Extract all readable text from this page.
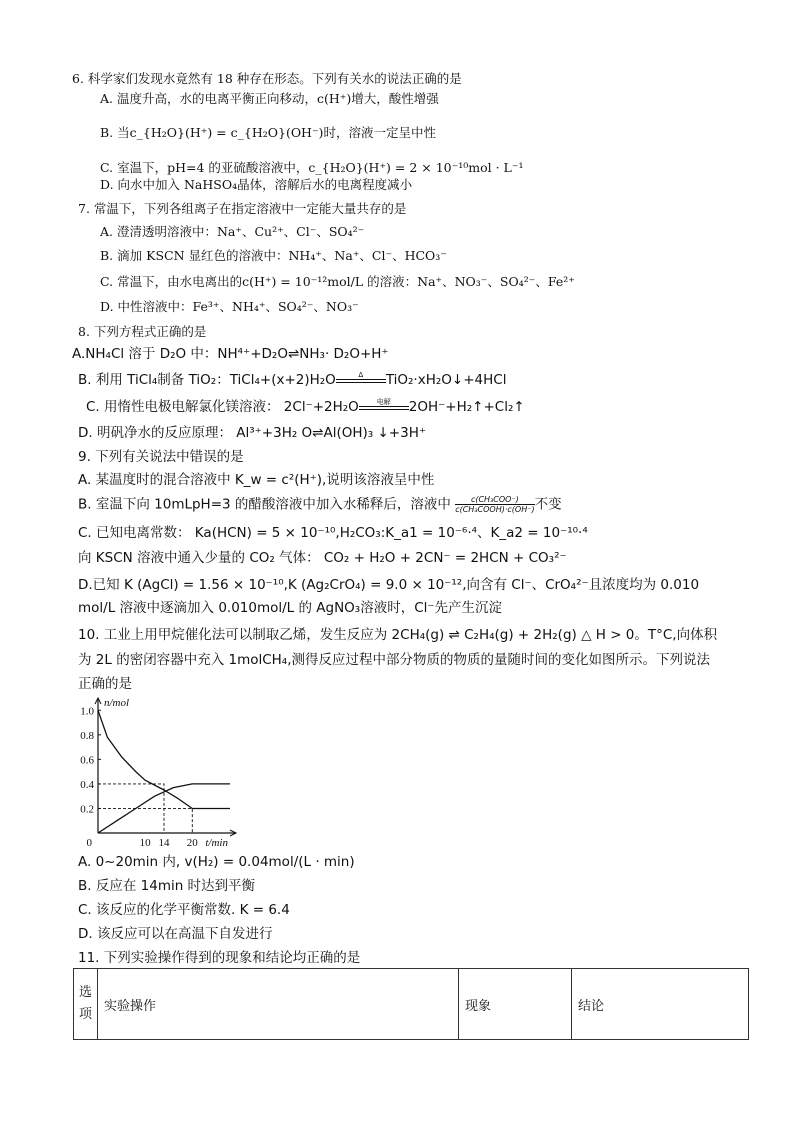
6. 科学家们发现水竟然有 18 种存在形态。下列有关水的说法正确的是
A. 温度升高，水的电离平衡正向移动，c(H⁺)增大，酸性增强
B. 当c_{H₂O}(H⁺) = c_{H₂O}(OH⁻)时，溶液一定呈中性
C. 室温下，pH=4 的亚硫酸溶液中，c_{H₂O}(H⁺) = 2 × 10⁻¹⁰mol · L⁻¹
D. 向水中加入 NaHSO₄晶体，溶解后水的电离程度减小
7. 常温下，下列各组离子在指定溶液中一定能大量共存的是
A. 澄清透明溶液中：Na⁺、Cu²⁺、Cl⁻、SO₄²⁻
B. 滴加 KSCN 显红色的溶液中：NH₄⁺、Na⁺、Cl⁻、HCO₃⁻
C. 常温下，由水电离出的c(H⁺) = 10⁻¹²mol/L 的溶液：Na⁺、NO₃⁻、SO₄²⁻、Fe²⁺
D. 中性溶液中：Fe³⁺、NH₄⁺、SO₄²⁻、NO₃⁻
8. 下列方程式正确的是
A.NH₄Cl 溶于 D₂O 中：NH⁴⁺+D₂O⇌NH₃· D₂O+H⁺
B. 利用 TiCl₄制备 TiO₂：TiCl₄+(x+2)H₂O	Δ	TiO₂·xH₂O↓+4HCl
C. 用惰性电极电解氯化镁溶液： 2Cl⁻+2H₂O	电解	2OH⁻+H₂↑+Cl₂↑
D. 明矾净水的反应原理： Al³⁺+3H₂ O⇌Al(OH)₃ ↓+3H⁺
9. 下列有关说法中错误的是
A. 某温度时的混合溶液中 K_w = c²(H⁺),说明该溶液呈中性
B. 室温下向 10mLpH=3 的醋酸溶液中加入水稀释后，溶液中 $\frac{\text{c(CH₃COO⁻)}}{\text{c(CH₃COOH)·c(OH⁻)}}$ 不变
C. 已知电离常数： Ka(HCN) = 5 × 10⁻¹⁰,H₂CO₃:K_a1 = 10⁻⁶·⁴、K_a2 = 10⁻¹⁰·⁴
向 KSCN 溶液中通入少量的 CO₂ 气体： CO₂ + H₂O + 2CN⁻ = 2HCN + CO₃²⁻
D.已知 K (AgCl) = 1.56 × 10⁻¹⁰,K (Ag₂CrO₄) = 9.0 × 10⁻¹²,向含有 Cl⁻、CrO₄²⁻且浓度均为 0.010
mol/L 溶液中逐滴加入 0.010mol/L 的 AgNO₃溶液时，Cl⁻先产生沉淀
10. 工业上用甲烷催化法可以制取乙烯，发生反应为 2CH₄(g) ⇌ C₂H₄(g) + 2H₂(g) △ H > 0。T°C,向体积
为 2L 的密闭容器中充入 1molCH₄,测得反应过程中部分物质的物质的量随时间的变化如图所示。下列说法
正确的是
n/mol
t/min
1.0
0.8
0.6
0.4
0.2
0	10 14 20
A. 0~20min 内, v(H₂) = 0.04mol/(L · min)
B. 反应在 14min 时达到平衡
C. 该反应的化学平衡常数. K = 6.4
D. 该反应可以在高温下自发进行
11. 下列实验操作得到的现象和结论均正确的是
选项	实验操作	现象	结论
